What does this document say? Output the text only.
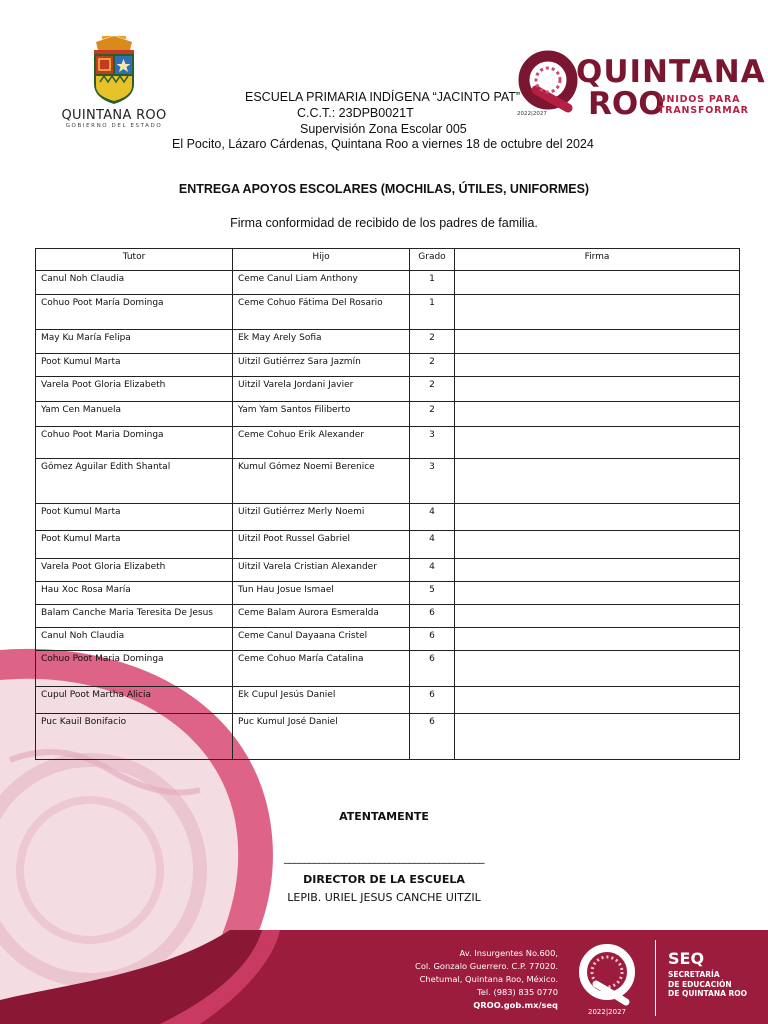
QUINTANA ROO
GOBIERNO DEL ESTADO
QUINTANA
ROO
UNIDOS PARA
TRANSFORMAR
2022|2027
ESCUELA PRIMARIA INDÍGENA “JACINTO PAT”
C.C.T.: 23DPB0021T
Supervisión Zona Escolar 005
El Pocito, Lázaro Cárdenas, Quintana Roo a viernes 18 de octubre del 2024
ENTREGA APOYOS ESCOLARES (MOCHILAS, ÚTILES, UNIFORMES)
Firma conformidad de recibido de los padres de familia.
Tutor	Hijo	Grado	Firma
Canul Noh Claudia	Ceme Canul Liam Anthony	1	
Cohuo Poot María Dominga	Ceme Cohuo Fátima Del Rosario	1	
May Ku María Felipa	Ek May Arely Sofia	2	
Poot Kumul Marta	Uitzil Gutiérrez Sara Jazmín	2	
Varela Poot Gloria Elizabeth	Uitzil Varela Jordani Javier	2	
Yam Cen Manuela	Yam Yam Santos Filiberto	2	
Cohuo Poot Maria Dominga	Ceme Cohuo Erik Alexander	3	
Gómez Aguilar Edith Shantal	Kumul Gómez Noemi Berenice	3	
Poot Kumul Marta	Uitzil Gutiérrez Merly Noemi	4	
Poot Kumul Marta	Uitzil Poot Russel Gabriel	4	
Varela Poot Gloria Elizabeth	Uitzil Varela Cristian Alexander	4	
Hau Xoc Rosa María	Tun Hau Josue Ismael	5	
Balam Canche Maria Teresita De Jesus	Ceme Balam Aurora Esmeralda	6	
Canul Noh Claudia	Ceme Canul Dayaana Cristel	6	
Cohuo Poot Maria Dominga	Ceme Cohuo María Catalina	6	
Cupul Poot Martha Alicia	Ek Cupul Jesús Daniel	6	
Puc Kauil Bonifacio	Puc Kumul José Daniel	6	
ATENTAMENTE
________________________________________
DIRECTOR DE LA ESCUELA
LEPIB. URIEL JESUS CANCHE UITZIL
Av. Insurgentes No.600,
Col. Gonzalo Guerrero. C.P. 77020.
Chetumal, Quintana Roo, México.
Tel. (983) 835 0770
QROO.gob.mx/seq
2022|2027
SEQ
SECRETARÍA
DE EDUCACIÓN
DE QUINTANA ROO
